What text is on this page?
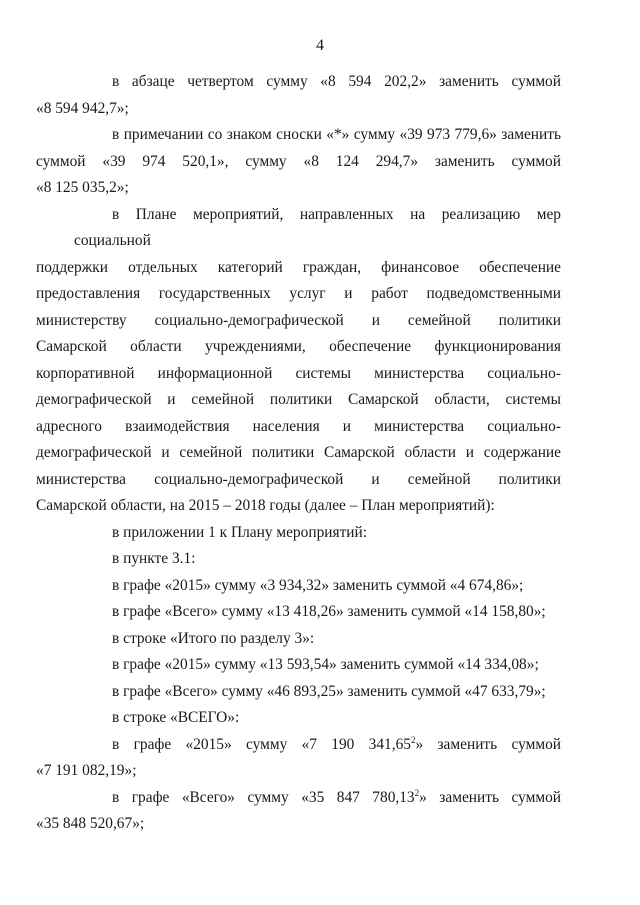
4

в абзаце четвертом сумму «8 594 202,2» заменить суммой
«8 594 942,7»;

в примечании со знаком сноски «*» сумму «39 973 779,6» заменить
суммой «39 974 520,1», сумму «8 124 294,7» заменить суммой
«8 125 035,2»;

в Плане мероприятий, направленных на реализацию мер социальной
поддержки отдельных категорий граждан, финансовое обеспечение
предоставления государственных услуг и работ подведомственными
министерству социально-демографической и семейной политики
Самарской области учреждениями, обеспечение функционирования
корпоративной информационной системы министерства социально-
демографической и семейной политики Самарской области, системы
адресного взаимодействия населения и министерства социально-
демографической и семейной политики Самарской области и содержание
министерства социально-демографической и семейной политики
Самарской области, на 2015 – 2018 годы (далее – План мероприятий):

в приложении 1 к Плану мероприятий:

в пункте 3.1:

в графе «2015» сумму «3 934,32» заменить суммой «4 674,86»;

в графе «Всего» сумму «13 418,26» заменить суммой «14 158,80»;

в строке «Итого по разделу 3»:

в графе «2015» сумму «13 593,54» заменить суммой «14 334,08»;

в графе «Всего» сумму «46 893,25» заменить суммой «47 633,79»;

в строке «ВСЕГО»:

в графе «2015» сумму «7 190 341,65$^2$» заменить суммой
«7 191 082,19»;

в графе «Всего» сумму «35 847 780,13$^2$» заменить суммой
«35 848 520,67»;
